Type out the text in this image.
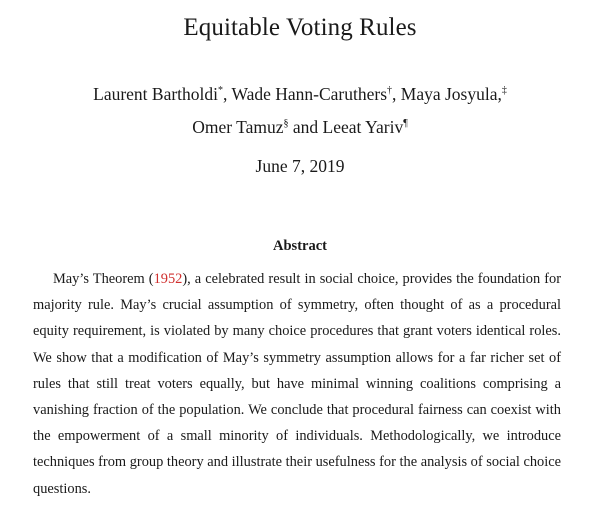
Equitable Voting Rules
Laurent Bartholdi*, Wade Hann-Caruthers†, Maya Josyula,‡
Omer Tamuz§ and Leeat Yariv¶
June 7, 2019
Abstract
May’s Theorem (1952), a celebrated result in social choice, provides the foundation for majority rule. May’s crucial assumption of symmetry, often thought of as a procedural equity requirement, is violated by many choice procedures that grant voters identical roles. We show that a modification of May’s symmetry assumption allows for a far richer set of rules that still treat voters equally, but have minimal winning coalitions comprising a vanishing fraction of the population. We conclude that procedural fairness can coexist with the empowerment of a small minority of individuals. Methodologically, we introduce techniques from group theory and illustrate their usefulness for the analysis of social choice questions.
